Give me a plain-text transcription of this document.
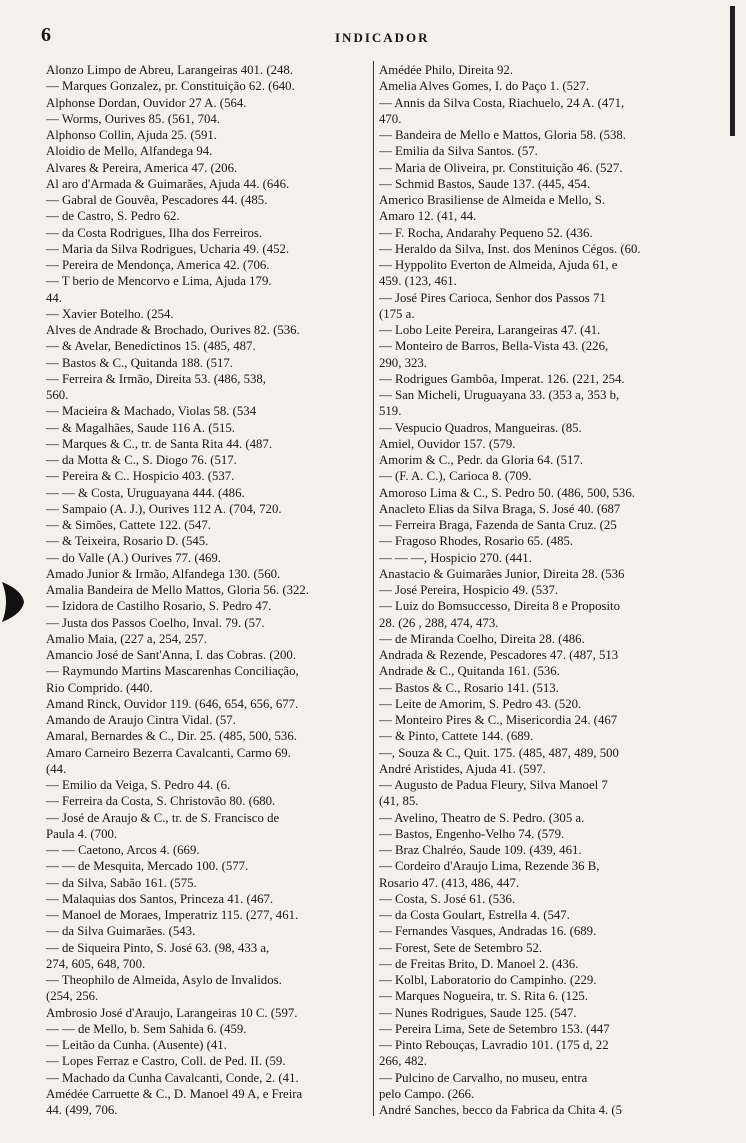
6	INDICADOR
Alonzo Limpo de Abreu, Larangeiras 401. (248.
— Marques Gonzalez, pr. Constituição 62. (640.
Alphonse Dordan, Ouvidor 27 A. (564.
— Worms, Ourives 85. (561, 704.
Alphonso Collin, Ajuda 25. (591.
Aloidio de Mello, Alfandega 94.
Alvares & Pereira, America 47. (206.
Al aro d'Armada & Guimarães, Ajuda 44. (646.
— Gabral de Gouvêa, Pescadores 44. (485.
— de Castro, S. Pedro 62.
— da Costa Rodrigues, Ilha dos Ferreiros.
— Maria da Silva Rodrigues, Ucharia 49. (452.
— Pereira de Mendonça, America 42. (706.
— T berio de Mencorvo e Lima, Ajuda 179.
44.
— Xavier Botelho. (254.
Alves de Andrade & Brochado, Ourives 82. (536.
— & Avelar, Benedictinos 15. (485, 487.
— Bastos & C., Quitanda 188. (517.
— Ferreira & Irmão, Direita 53. (486, 538,
560.
— Macieira & Machado, Violas 58. (534
— & Magalhães, Saude 116 A. (515.
— Marques & C., tr. de Santa Rita 44. (487.
— da Motta & C., S. Diogo 76. (517.
— Pereira & C.. Hospicio 403. (537.
— — & Costa, Uruguayana 444. (486.
— Sampaio (A. J.), Ourives 112 A. (704, 720.
— & Simões, Cattete 122. (547.
— & Teixeira, Rosario D. (545.
— do Valle (A.) Ourives 77. (469.
Amado Junior & Irmão, Alfandega 130. (560.
Amalia Bandeira de Mello Mattos, Gloria 56. (322.
— Izidora de Castilho Rosario, S. Pedro 47.
— Justa dos Passos Coelho, Inval. 79. (57.
Amalio Maia, (227 a, 254, 257.
Amancio José de Sant'Anna, I. das Cobras. (200.
— Raymundo Martins Mascarenhas Conciliação,
Rio Comprido. (440.
Amand Rinck, Ouvidor 119. (646, 654, 656, 677.
Amando de Araujo Cintra Vidal. (57.
Amaral, Bernardes & C., Dir. 25. (485, 500, 536.
Amaro Carneiro Bezerra Cavalcanti, Carmo 69.
(44.
— Emilio da Veiga, S. Pedro 44. (6.
— Ferreira da Costa, S. Christovão 80. (680.
— José de Araujo & C., tr. de S. Francisco de
Paula 4. (700.
— — Caetono, Arcos 4. (669.
— — de Mesquita, Mercado 100. (577.
— da Silva, Sabão 161. (575.
— Malaquias dos Santos, Princeza 41. (467.
— Manoel de Moraes, Imperatriz 115. (277, 461.
— da Silva Guimarães. (543.
— de Siqueira Pinto, S. José 63. (98, 433 a,
274, 605, 648, 700.
— Theophilo de Almeida, Asylo de Invalidos.
(254, 256.
Ambrosio José d'Araujo, Larangeiras 10 C. (597.
— — de Mello, b. Sem Sahida 6. (459.
— Leitão da Cunha. (Ausente) (41.
— Lopes Ferraz e Castro, Coll. de Ped. II. (59.
— Machado da Cunha Cavalcanti, Conde, 2. (41.
Amédée Carruette & C., D. Manoel 49 A, e Freira
44. (499, 706.
Amédée Philo, Direita 92.
Amelia Alves Gomes, I. do Paço 1. (527.
— Annis da Silva Costa, Riachuelo, 24 A. (471,
470.
— Bandeira de Mello e Mattos, Gloria 58. (538.
— Emilia da Silva Santos. (57.
— Maria de Oliveira, pr. Constituição 46. (527.
— Schmid Bastos, Saude 137. (445, 454.
Americo Brasiliense de Almeida e Mello, S.
Amaro 12. (41, 44.
— F. Rocha, Andarahy Pequeno 52. (436.
— Heraldo da Silva, Inst. dos Meninos Cégos. (60.
— Hyppolito Everton de Almeida, Ajuda 61, e
459. (123, 461.
— José Pires Carioca, Senhor dos Passos 71
(175 a.
— Lobo Leite Pereira, Larangeiras 47. (41.
— Monteiro de Barros, Bella-Vista 43. (226,
290, 323.
— Rodrigues Gambôa, Imperat. 126. (221, 254.
— San Micheli, Uruguayana 33. (353 a, 353 b,
519.
— Vespucio Quadros, Mangueiras. (85.
Amiel, Ouvidor 157. (579.
Amorim & C., Pedr. da Gloria 64. (517.
— (F. A. C.), Carioca 8. (709.
Amoroso Lima & C., S. Pedro 50. (486, 500, 536.
Anacleto Elias da Silva Braga, S. José 40. (687
— Ferreira Braga, Fazenda de Santa Cruz. (25
— Fragoso Rhodes, Rosario 65. (485.
— — —, Hospicio 270. (441.
Anastacio & Guimarães Junior, Direita 28. (536
— José Pereira, Hospicio 49. (537.
— Luiz do Bomsuccesso, Direita 8 e Proposito
28. (26 , 288, 474, 473.
— de Miranda Coelho, Direita 28. (486.
Andrada & Rezende, Pescadores 47. (487, 513
Andrade & C., Quitanda 161. (536.
— Bastos & C., Rosario 141. (513.
— Leite de Amorim, S. Pedro 43. (520.
— Monteiro Pires & C., Misericordia 24. (467
— & Pinto, Cattete 144. (689.
—, Souza & C., Quit. 175. (485, 487, 489, 500
André Aristides, Ajuda 41. (597.
— Augusto de Padua Fleury, Silva Manoel 7
(41, 85.
— Avelino, Theatro de S. Pedro. (305 a.
— Bastos, Engenho-Velho 74. (579.
— Braz Chalréo, Saude 109. (439, 461.
— Cordeiro d'Araujo Lima, Rezende 36 B,
Rosario 47. (413, 486, 447.
— Costa, S. José 61. (536.
— da Costa Goulart, Estrella 4. (547.
— Fernandes Vasques, Andradas 16. (689.
— Forest, Sete de Setembro 52.
— de Freitas Brito, D. Manoel 2. (436.
— Kolbl, Laboratorio do Campinho. (229.
— Marques Nogueira, tr. S. Rita 6. (125.
— Nunes Rodrigues, Saude 125. (547.
— Pereira Lima, Sete de Setembro 153. (447
— Pinto Rebouças, Lavradio 101. (175 d, 22
266, 482.
— Pulcino de Carvalho, no museu, entra
pelo Campo. (266.
André Sanches, becco da Fabrica da Chita 4. (5
